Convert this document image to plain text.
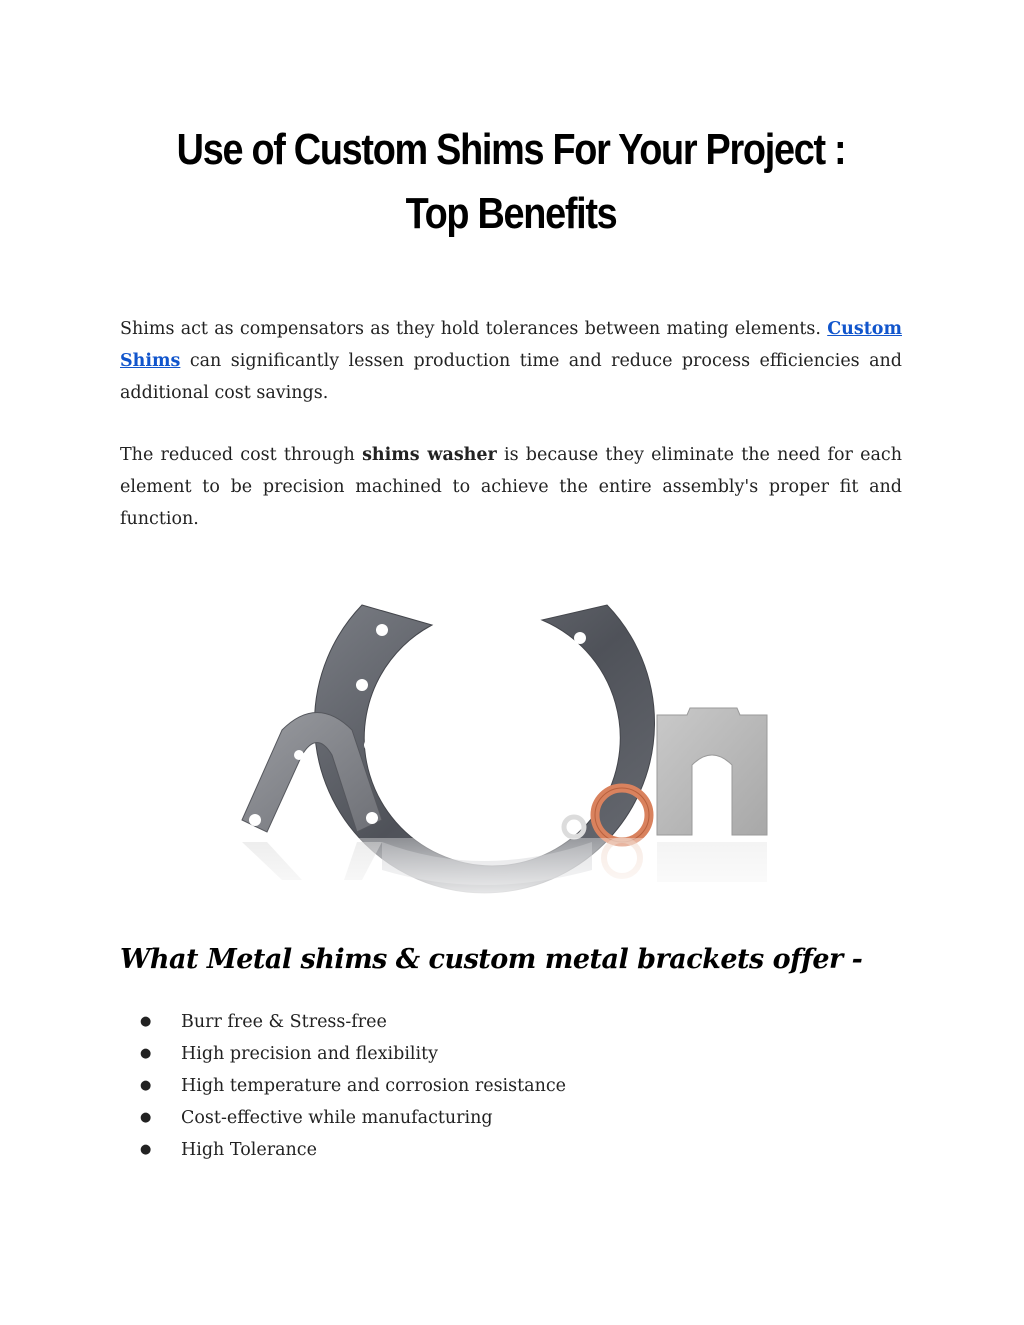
Use of Custom Shims For Your Project :
Top Benefits

Shims act as compensators as they hold tolerances between mating elements. Custom Shims can significantly lessen production time and reduce process efficiencies and additional cost savings.

The reduced cost through shims washer is because they eliminate the need for each element to be precision machined to achieve the entire assembly's proper fit and function.

What Metal shims & custom metal brackets offer -
● Burr free & Stress-free
● High precision and flexibility
● High temperature and corrosion resistance
● Cost-effective while manufacturing
● High Tolerance
